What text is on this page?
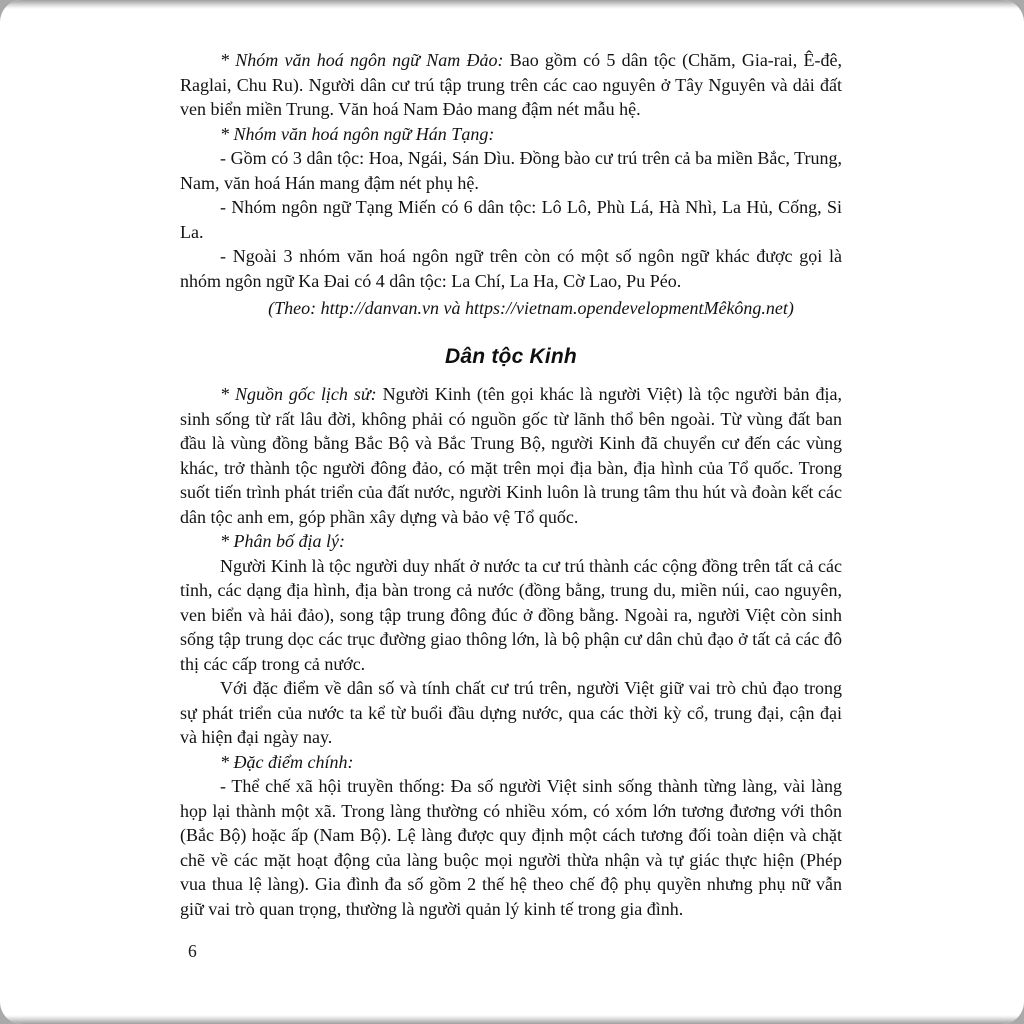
* Nhóm văn hoá ngôn ngữ Nam Đảo: Bao gồm có 5 dân tộc (Chăm, Gia-rai, Ê-đê, Raglai, Chu Ru). Người dân cư trú tập trung trên các cao nguyên ở Tây Nguyên và dải đất ven biển miền Trung. Văn hoá Nam Đảo mang đậm nét mẫu hệ.

* Nhóm văn hoá ngôn ngữ Hán Tạng:

- Gồm có 3 dân tộc: Hoa, Ngái, Sán Dìu. Đồng bào cư trú trên cả ba miền Bắc, Trung, Nam, văn hoá Hán mang đậm nét phụ hệ.

- Nhóm ngôn ngữ Tạng Miến có 6 dân tộc: Lô Lô, Phù Lá, Hà Nhì, La Hủ, Cống, Si La.

- Ngoài 3 nhóm văn hoá ngôn ngữ trên còn có một số ngôn ngữ khác được gọi là nhóm ngôn ngữ Ka Đai có 4 dân tộc: La Chí, La Ha, Cờ Lao, Pu Péo.

(Theo: http://danvan.vn và https://vietnam.opendevelopmentMêkông.net)

Dân tộc Kinh

* Nguồn gốc lịch sử: Người Kinh (tên gọi khác là người Việt) là tộc người bản địa, sinh sống từ rất lâu đời, không phải có nguồn gốc từ lãnh thổ bên ngoài. Từ vùng đất ban đầu là vùng đồng bằng Bắc Bộ và Bắc Trung Bộ, người Kinh đã chuyển cư đến các vùng khác, trở thành tộc người đông đảo, có mặt trên mọi địa bàn, địa hình của Tổ quốc. Trong suốt tiến trình phát triển của đất nước, người Kinh luôn là trung tâm thu hút và đoàn kết các dân tộc anh em, góp phần xây dựng và bảo vệ Tổ quốc.

* Phân bố địa lý:

Người Kinh là tộc người duy nhất ở nước ta cư trú thành các cộng đồng trên tất cả các tỉnh, các dạng địa hình, địa bàn trong cả nước (đồng bằng, trung du, miền núi, cao nguyên, ven biển và hải đảo), song tập trung đông đúc ở đồng bằng. Ngoài ra, người Việt còn sinh sống tập trung dọc các trục đường giao thông lớn, là bộ phận cư dân chủ đạo ở tất cả các đô thị các cấp trong cả nước.

Với đặc điểm về dân số và tính chất cư trú trên, người Việt giữ vai trò chủ đạo trong sự phát triển của nước ta kể từ buổi đầu dựng nước, qua các thời kỳ cổ, trung đại, cận đại và hiện đại ngày nay.

* Đặc điểm chính:

- Thể chế xã hội truyền thống: Đa số người Việt sinh sống thành từng làng, vài làng họp lại thành một xã. Trong làng thường có nhiều xóm, có xóm lớn tương đương với thôn (Bắc Bộ) hoặc ấp (Nam Bộ). Lệ làng được quy định một cách tương đối toàn diện và chặt chẽ về các mặt hoạt động của làng buộc mọi người thừa nhận và tự giác thực hiện (Phép vua thua lệ làng). Gia đình đa số gồm 2 thế hệ theo chế độ phụ quyền nhưng phụ nữ vẫn giữ vai trò quan trọng, thường là người quản lý kinh tế trong gia đình.

6
